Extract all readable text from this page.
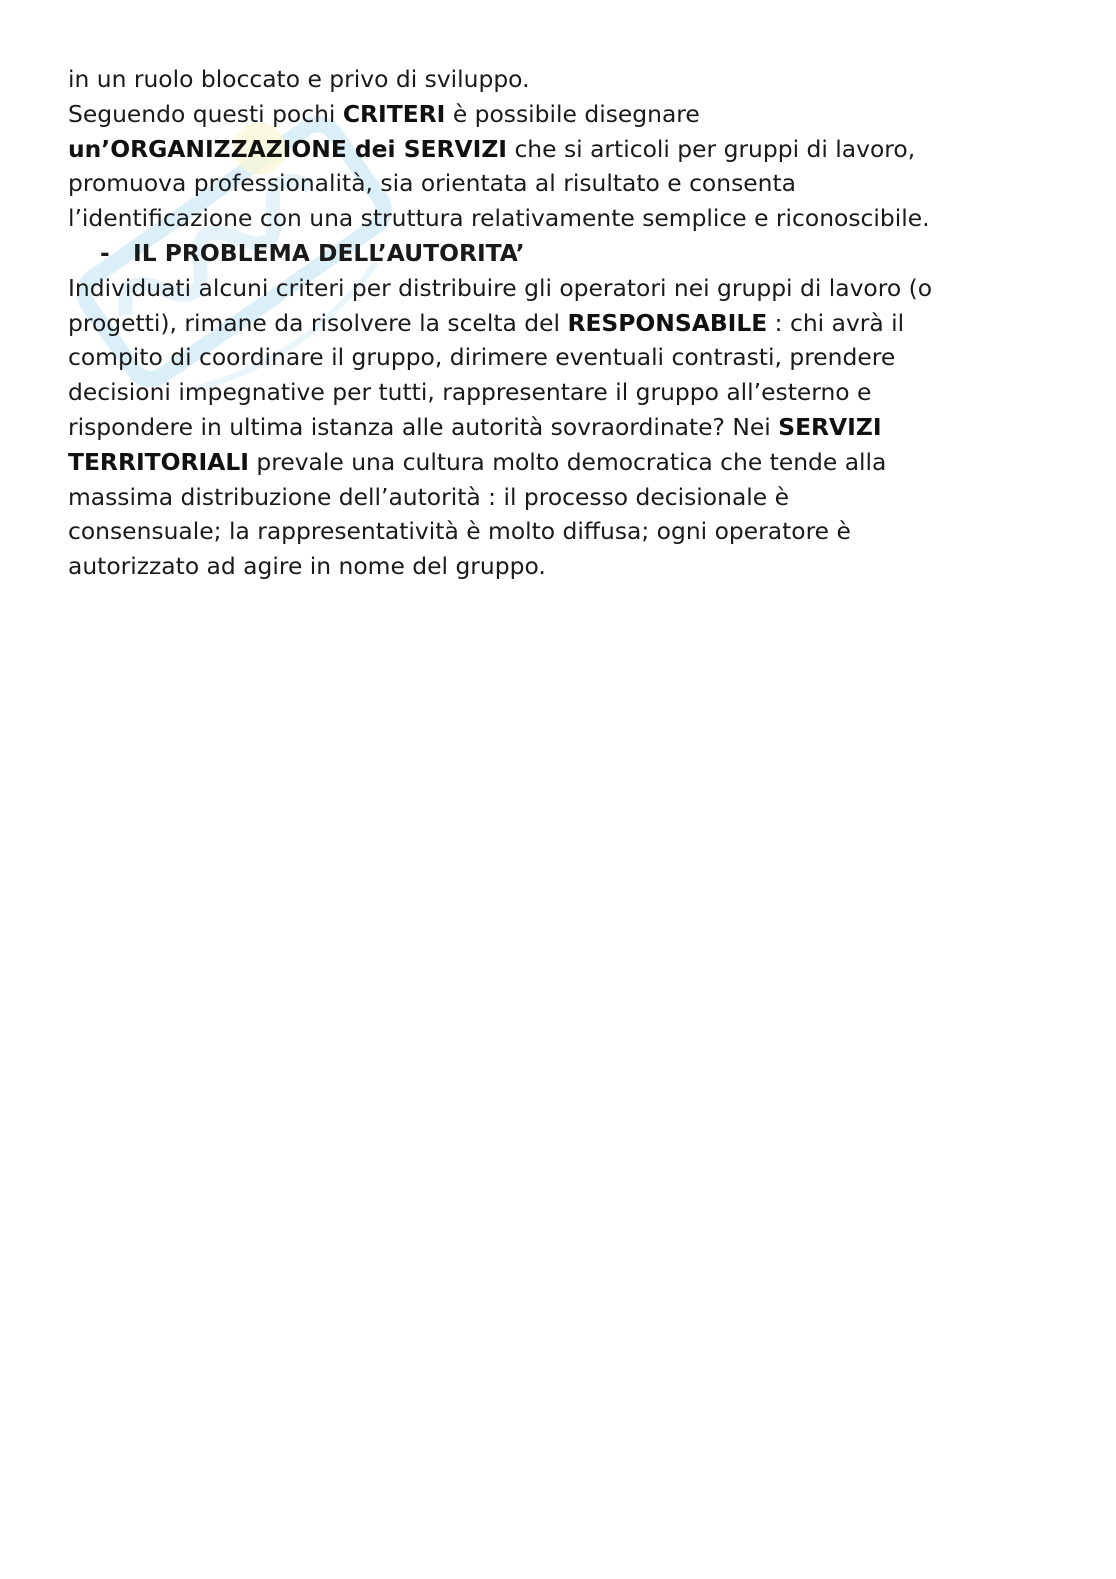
in un ruolo bloccato e privo di sviluppo.
Seguendo questi pochi CRITERI è possibile disegnare
un’ORGANIZZAZIONE dei SERVIZI che si articoli per gruppi di lavoro,
promuova professionalità, sia orientata al risultato e consenta
l’identificazione con una struttura relativamente semplice e riconoscibile.
- IL PROBLEMA DELL’AUTORITA’
Individuati alcuni criteri per distribuire gli operatori nei gruppi di lavoro (o
progetti), rimane da risolvere la scelta del RESPONSABILE : chi avrà il
compito di coordinare il gruppo, dirimere eventuali contrasti, prendere
decisioni impegnative per tutti, rappresentare il gruppo all’esterno e
rispondere in ultima istanza alle autorità sovraordinate? Nei SERVIZI
TERRITORIALI prevale una cultura molto democratica che tende alla
massima distribuzione dell’autorità : il processo decisionale è
consensuale; la rappresentatività è molto diffusa; ogni operatore è
autorizzato ad agire in nome del gruppo.
